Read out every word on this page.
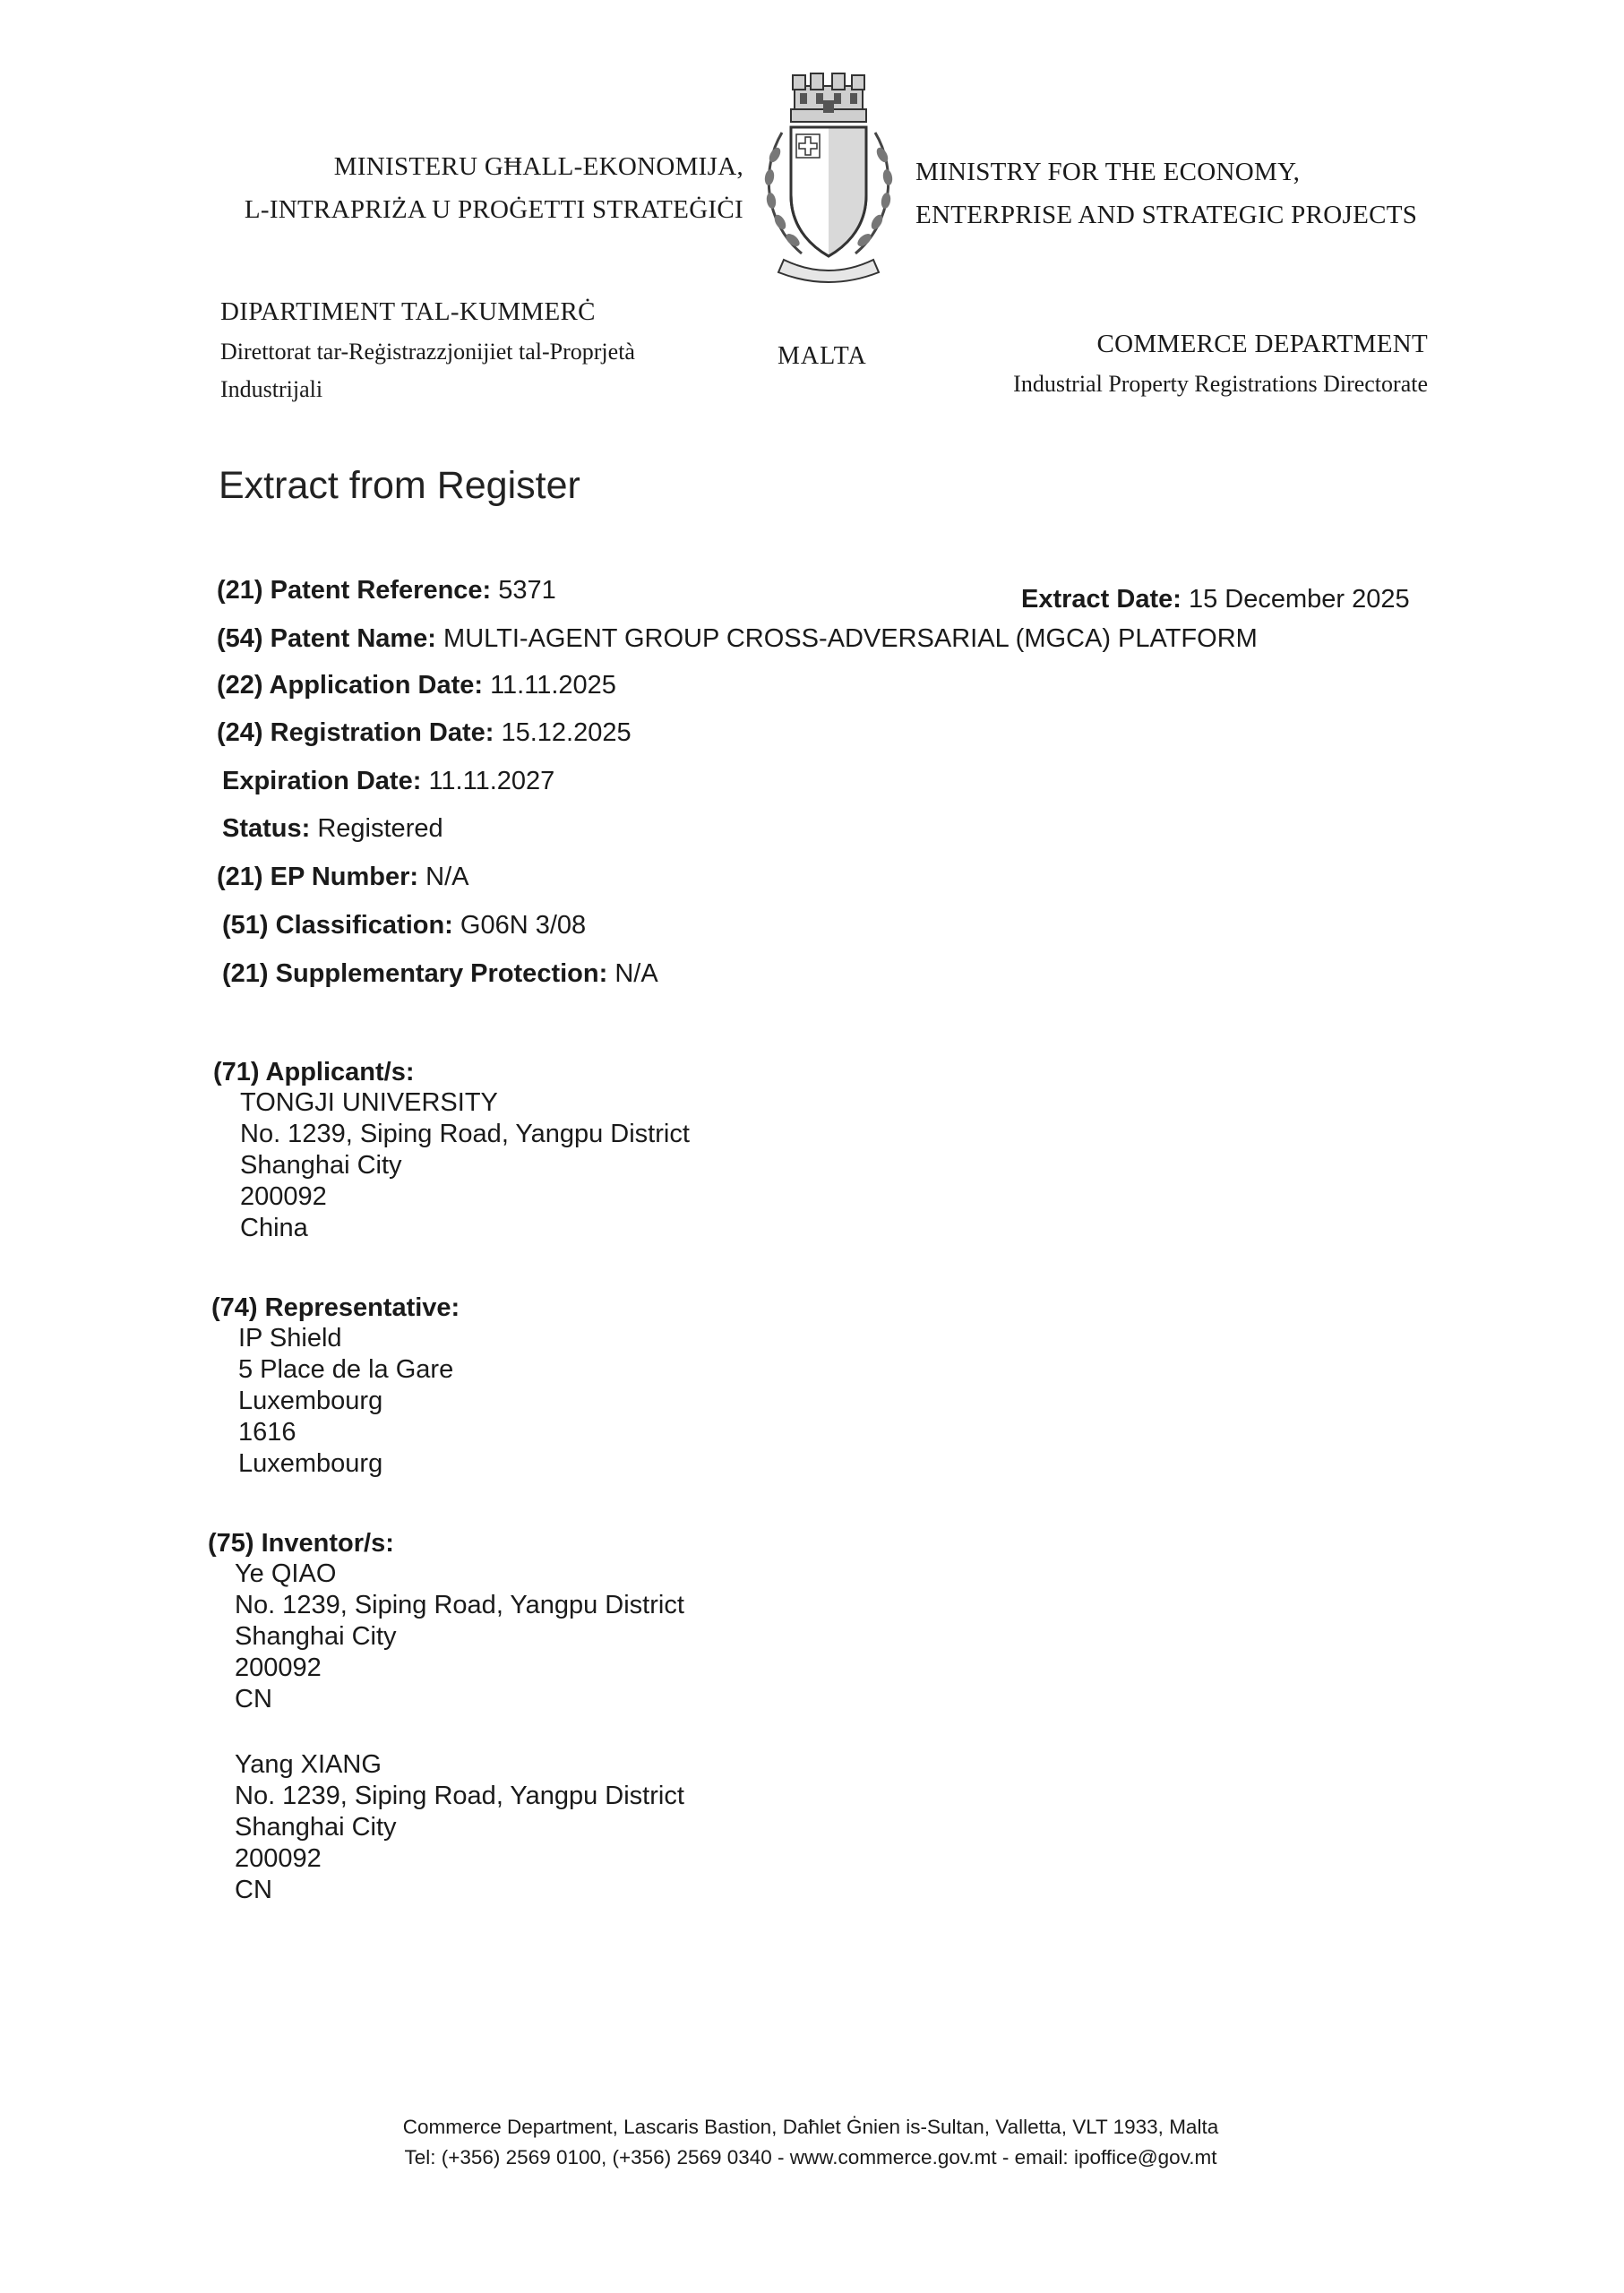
MINISTERU GĦALL-EKONOMIJA,
L-INTRAPRIŻA U PROĠETTI STRATEĠIĊI
MINISTRY FOR THE ECONOMY,
ENTERPRISE AND STRATEGIC PROJECTS
DIPARTIMENT TAL-KUMMERĊ
Direttorat tar-Reġistrazzjonijiet tal-Proprjetà
Industrijali
MALTA	COMMERCE DEPARTMENT
Industrial Property Registrations Directorate
Extract from Register
Extract Date: 15 December 2025
(21) Patent Reference: 5371
(54) Patent Name: MULTI-AGENT GROUP CROSS-ADVERSARIAL (MGCA) PLATFORM
(22) Application Date: 11.11.2025
(24) Registration Date: 15.12.2025
Expiration Date: 11.11.2027
Status: Registered
(21) EP Number: N/A
(51) Classification: G06N 3/08
(21) Supplementary Protection: N/A
(71) Applicant/s:
TONGJI UNIVERSITY
No. 1239, Siping Road, Yangpu District
Shanghai City
200092
China
(74) Representative:
IP Shield
5 Place de la Gare
Luxembourg
1616
Luxembourg
(75) Inventor/s:
Ye QIAO
No. 1239, Siping Road, Yangpu District
Shanghai City
200092
CN
Yang XIANG
No. 1239, Siping Road, Yangpu District
Shanghai City
200092
CN
Commerce Department, Lascaris Bastion, Daħlet Ġnien is-Sultan, Valletta, VLT 1933, Malta
Tel: (+356) 2569 0100, (+356) 2569 0340 - www.commerce.gov.mt - email: ipoffice@gov.mt
